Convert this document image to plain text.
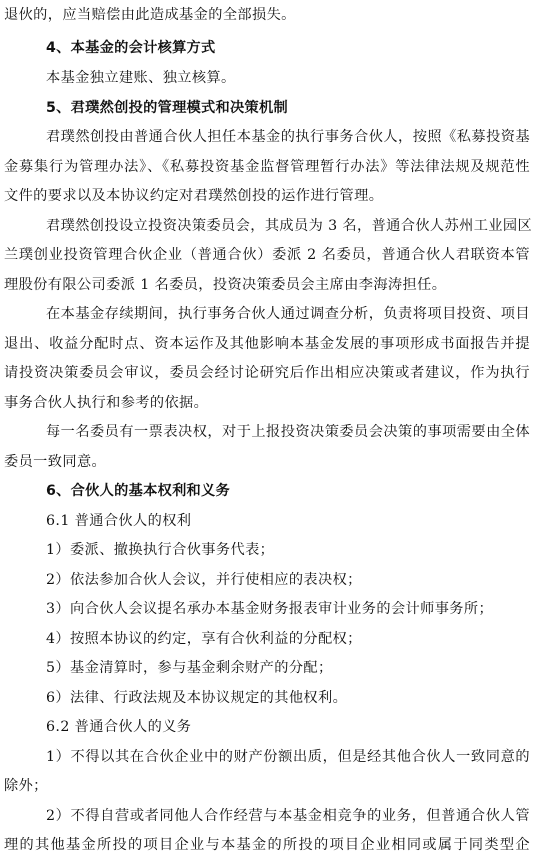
退伙的，应当赔偿由此造成基金的全部损失。
4、本基金的会计核算方式
本基金独立建账、独立核算。
5、君璞然创投的管理模式和决策机制
君璞然创投由普通合伙人担任本基金的执行事务合伙人，按照《私募投资基
金募集行为管理办法》、《私募投资基金监督管理暂行办法》等法律法规及规范性
文件的要求以及本协议约定对君璞然创投的运作进行管理。
君璞然创投设立投资决策委员会，其成员为 3 名，普通合伙人苏州工业园区
兰璞创业投资管理合伙企业（普通合伙）委派 2 名委员，普通合伙人君联资本管
理股份有限公司委派 1 名委员，投资决策委员会主席由李海涛担任。
在本基金存续期间，执行事务合伙人通过调查分析，负责将项目投资、项目
退出、收益分配时点、资本运作及其他影响本基金发展的事项形成书面报告并提
请投资决策委员会审议，委员会经讨论研究后作出相应决策或者建议，作为执行
事务合伙人执行和参考的依据。
每一名委员有一票表决权，对于上报投资决策委员会决策的事项需要由全体
委员一致同意。
6、合伙人的基本权利和义务
6.1 普通合伙人的权利
1）委派、撤换执行合伙事务代表；
2）依法参加合伙人会议，并行使相应的表决权；
3）向合伙人会议提名承办本基金财务报表审计业务的会计师事务所；
4）按照本协议的约定，享有合伙利益的分配权；
5）基金清算时，参与基金剩余财产的分配；
6）法律、行政法规及本协议规定的其他权利。
6.2 普通合伙人的义务
1）不得以其在合伙企业中的财产份额出质，但是经其他合伙人一致同意的
除外；
2）不得自营或者同他人合作经营与本基金相竞争的业务，但普通合伙人管
理的其他基金所投的项目企业与本基金的所投的项目企业相同或属于同类型企
